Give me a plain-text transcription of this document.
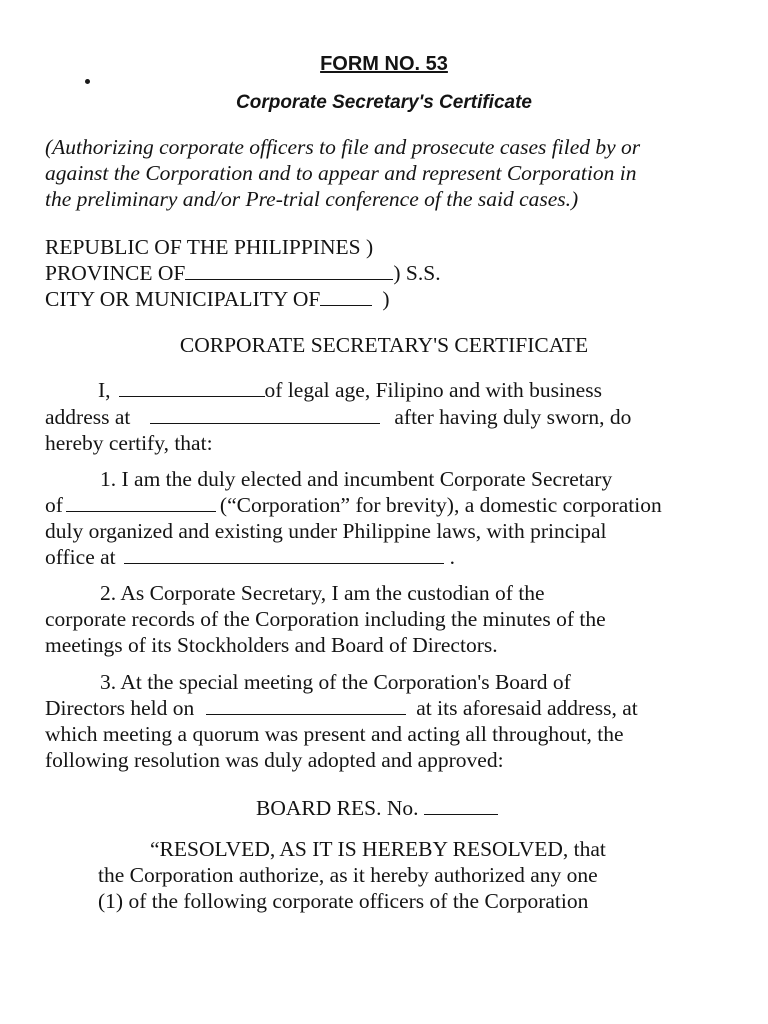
FORM NO. 53
Corporate Secretary's Certificate
(Authorizing corporate officers to file and prosecute cases filed by or
against the Corporation and to appear and represent Corporation in
the preliminary and/or Pre-trial conference of the said cases.)
REPUBLIC OF THE PHILIPPINES )
PROVINCE OF	) S.S.
CITY OR MUNICIPALITY OF	)
CORPORATE SECRETARY'S CERTIFICATE
I,	of legal age, Filipino and with business
address at	after having duly sworn, do
hereby certify, that:
1. I am the duly elected and incumbent Corporate Secretary
of	(“Corporation” for brevity), a domestic corporation
duly organized and existing under Philippine laws, with principal
office at	.
2. As Corporate Secretary, I am the custodian of the
corporate records of the Corporation including the minutes of the
meetings of its Stockholders and Board of Directors.
3. At the special meeting of the Corporation's Board of
Directors held on	at its aforesaid address, at
which meeting a quorum was present and acting all throughout, the
following resolution was duly adopted and approved:
BOARD RES. No.
“RESOLVED, AS IT IS HEREBY RESOLVED, that
the Corporation authorize, as it hereby authorized any one
(1) of the following corporate officers of the Corporation
